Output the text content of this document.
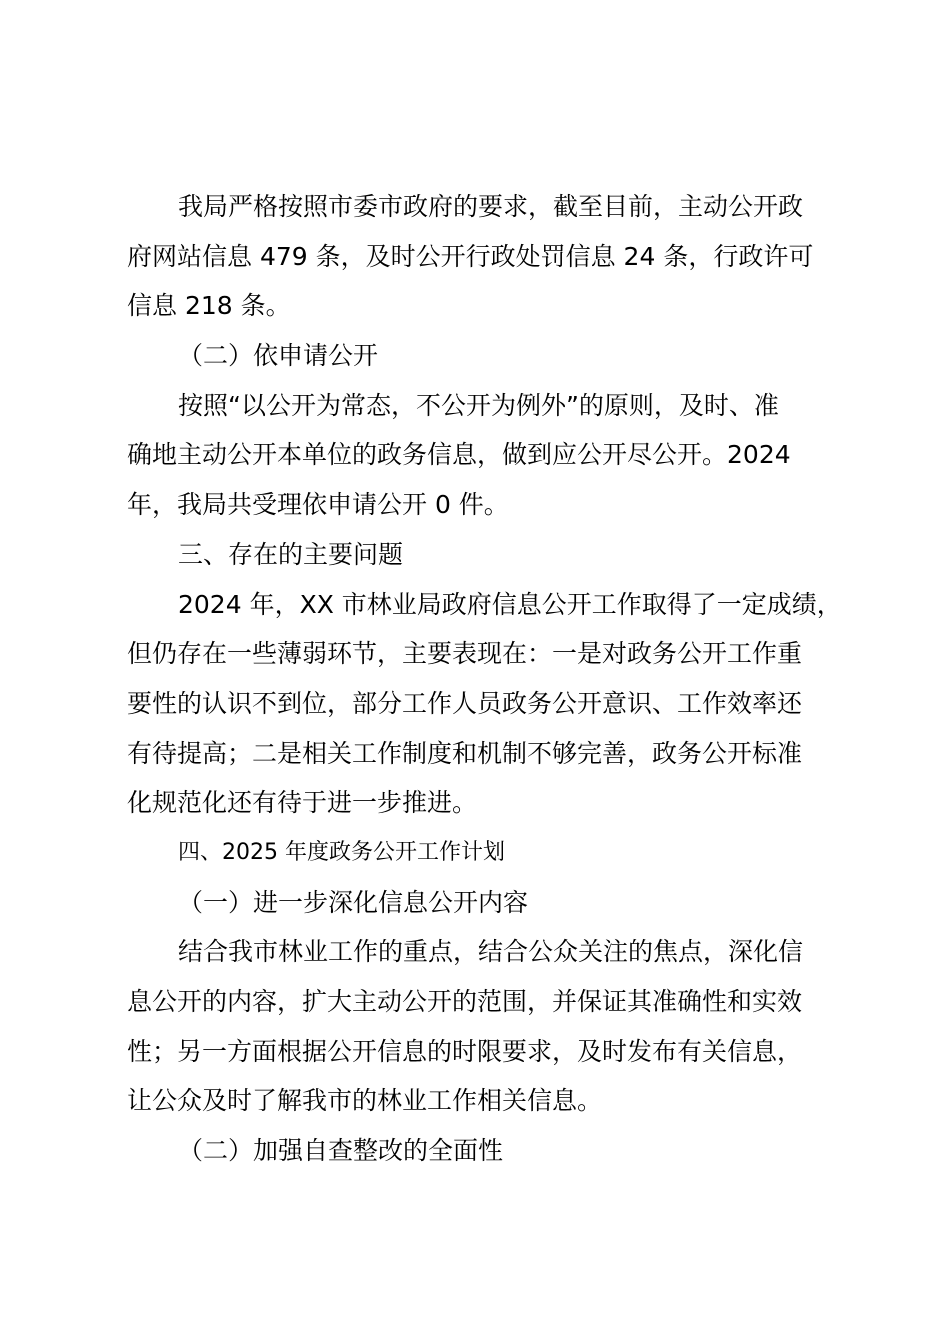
我局严格按照市委市政府的要求，截至目前，主动公开政
府网站信息 479 条，及时公开行政处罚信息 24 条，行政许可
信息 218 条。
（二）依申请公开
按照“以公开为常态，不公开为例外”的原则，及时、准
确地主动公开本单位的政务信息，做到应公开尽公开。2024
年，我局共受理依申请公开 0 件。
三、存在的主要问题
2024 年，XX 市林业局政府信息公开工作取得了一定成绩，
但仍存在一些薄弱环节，主要表现在：一是对政务公开工作重
要性的认识不到位，部分工作人员政务公开意识、工作效率还
有待提高；二是相关工作制度和机制不够完善，政务公开标准
化规范化还有待于进一步推进。
四、2025 年度政务公开工作计划
（一）进一步深化信息公开内容
结合我市林业工作的重点，结合公众关注的焦点，深化信
息公开的内容，扩大主动公开的范围，并保证其准确性和实效
性；另一方面根据公开信息的时限要求，及时发布有关信息，
让公众及时了解我市的林业工作相关信息。
（二）加强自查整改的全面性
